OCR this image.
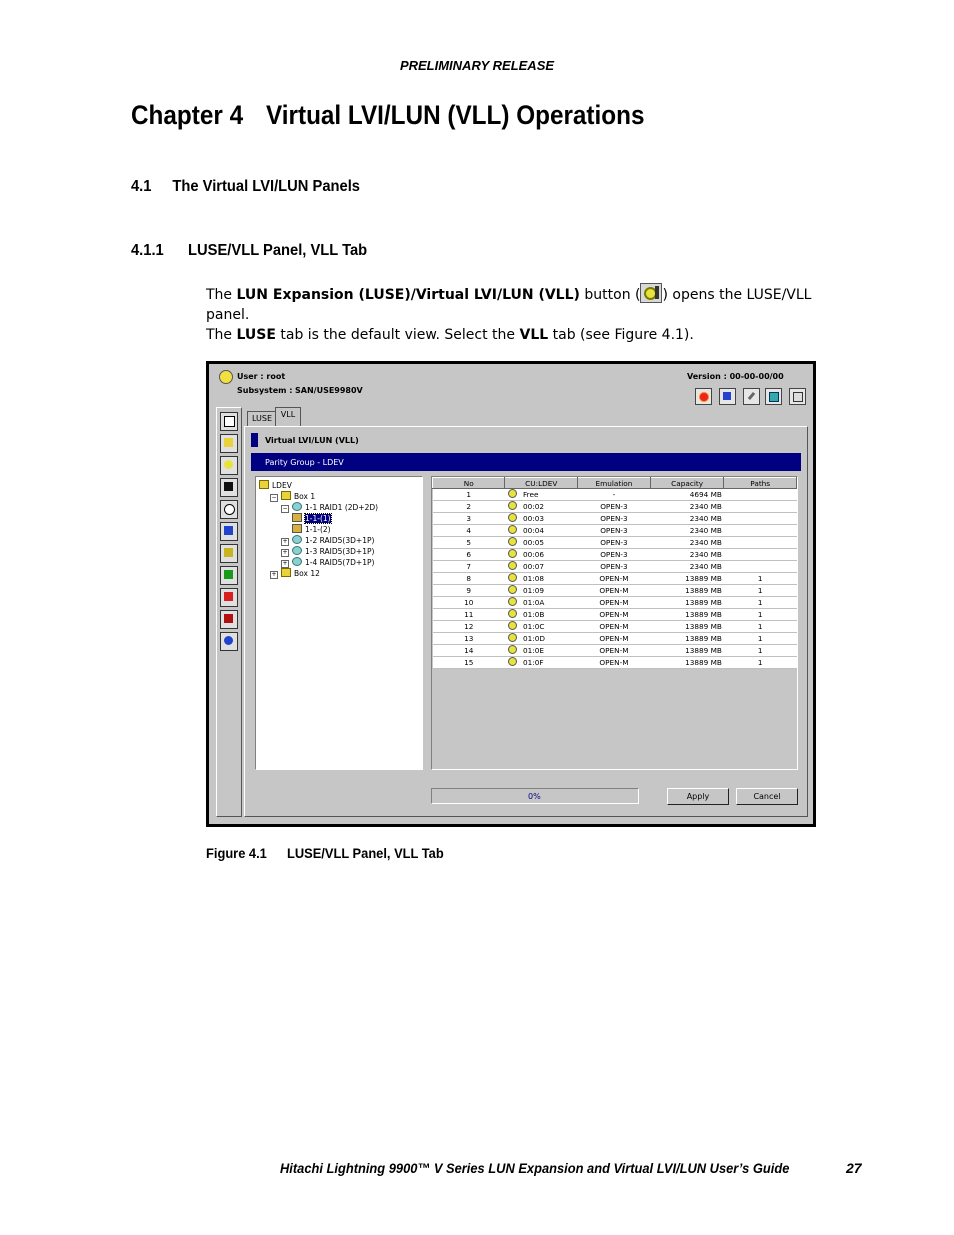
PRELIMINARY RELEASE
Chapter 4 Virtual LVI/LUN (VLL) Operations
4.1 The Virtual LVI/LUN Panels
4.1.1 LUSE/VLL Panel, VLL Tab
The LUN Expansion (LUSE)/Virtual LVI/LUN (VLL) button ( ) opens the LUSE/VLL panel.
The LUSE tab is the default view. Select the VLL tab (see Figure 4.1).
User : root
Subsystem : SAN/USE9980V
Version : 00-00-00/00
LUSE	VLL
Virtual LVI/LUN (VLL)
Parity Group - LDEV
LDEV
− Box 1
− 1-1 RAID1 (2D+2D)
1-1-(1)
1-1-(2)
+ 1-2 RAID5(3D+1P)
+ 1-3 RAID5(3D+1P)
+ 1-4 RAID5(7D+1P)
+ Box 12
No	CU:LDEV	Emulation	Capacity	Paths
1	Free	-	4694 MB	
2	00:02	OPEN-3	2340 MB	
3	00:03	OPEN-3	2340 MB	
4	00:04	OPEN-3	2340 MB	
5	00:05	OPEN-3	2340 MB	
6	00:06	OPEN-3	2340 MB	
7	00:07	OPEN-3	2340 MB	
8	01:08	OPEN-M	13889 MB	1
9	01:09	OPEN-M	13889 MB	1
10	01:0A	OPEN-M	13889 MB	1
11	01:0B	OPEN-M	13889 MB	1
12	01:0C	OPEN-M	13889 MB	1
13	01:0D	OPEN-M	13889 MB	1
14	01:0E	OPEN-M	13889 MB	1
15	01:0F	OPEN-M	13889 MB	1
0%	Apply	Cancel
Figure 4.1 LUSE/VLL Panel, VLL Tab
Hitachi Lightning 9900™ V Series LUN Expansion and Virtual LVI/LUN User’s Guide	27
